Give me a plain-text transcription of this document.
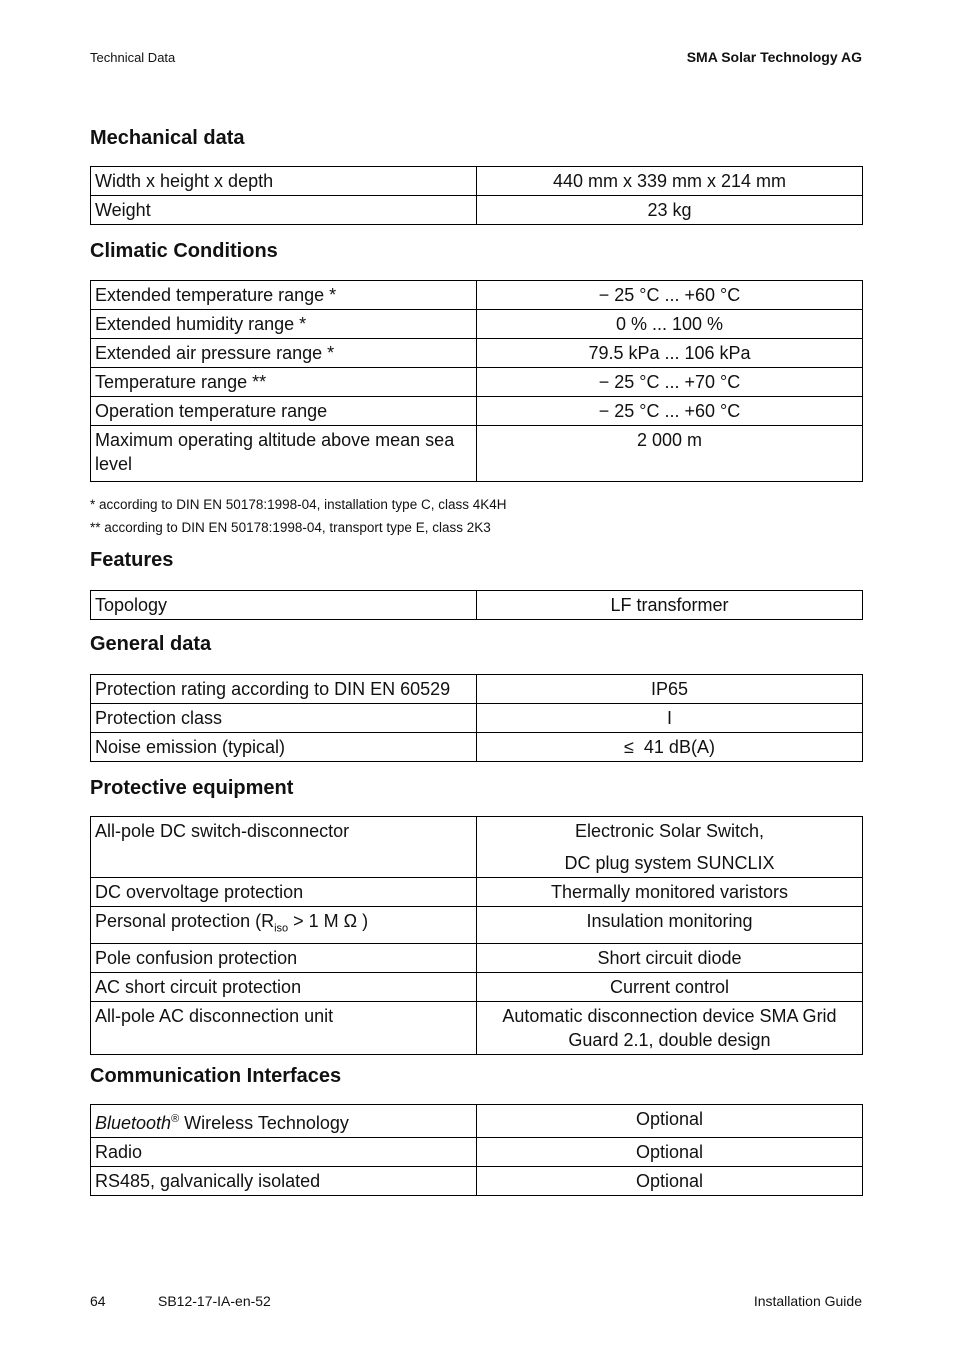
Technical Data	SMA Solar Technology AG
Mechanical data
Width x height x depth	440 mm x 339 mm x 214 mm
Weight	23 kg
Climatic Conditions
Extended temperature range *	− 25 °C ... +60 °C
Extended humidity range *	0 % ... 100 %
Extended air pressure range *	79.5 kPa ... 106 kPa
Temperature range **	− 25 °C ... +70 °C
Operation temperature range	− 25 °C ... +60 °C
Maximum operating altitude above mean sea level	2 000 m
* according to DIN EN 50178:1998-04, installation type C, class 4K4H
** according to DIN EN 50178:1998-04, transport type E, class 2K3
Features
Topology	LF transformer
General data
Protection rating according to DIN EN 60529	IP65
Protection class	I
Noise emission (typical)	≤  41 dB(A)
Protective equipment
All-pole DC switch-disconnector	Electronic Solar Switch,
DC plug system SUNCLIX

DC overvoltage protection	Thermally monitored varistors
Personal protection ($R_{iso} > 1$ M Ω )	Insulation monitoring
Pole confusion protection	Short circuit diode
AC short circuit protection	Current control
All-pole AC disconnection unit	Automatic disconnection device SMA Grid Guard 2.1, double design
Communication Interfaces
Bluetooth® Wireless Technology	Optional
Radio	Optional
RS485, galvanically isolated	Optional
64	SB12-17-IA-en-52	Installation Guide
